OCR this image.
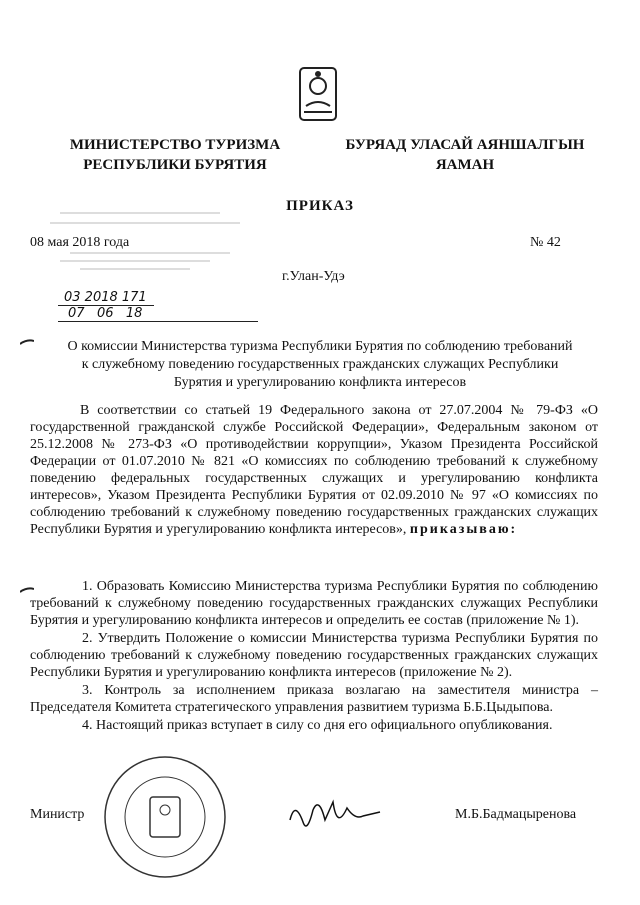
МИНИСТЕРСТВО ТУРИЗМА
РЕСПУБЛИКИ БУРЯТИЯ
БУРЯАД УЛАСАЙ АЯНШАЛГЫН
ЯАМАН
ПРИКАЗ
08 мая 2018 года	№ 42
г.Улан-Удэ
03 2018 171
07   06   18
О комиссии Министерства туризма Республики Бурятия по соблюдению требований
к служебному поведению государственных гражданских служащих Республики
Бурятия и урегулированию конфликта интересов
В соответствии со статьей 19 Федерального закона от 27.07.2004 № 79-ФЗ «О государственной гражданской службе Российской Федерации», Федеральным законом от 25.12.2008 № 273-ФЗ «О противодействии коррупции», Указом Президента Российской Федерации от 01.07.2010 № 821 «О комиссиях по соблюдению требований к служебному поведению федеральных государственных служащих и урегулированию конфликта интересов», Указом Президента Республики Бурятия от 02.09.2010 № 97 «О комиссиях по соблюдению требований к служебному поведению государственных гражданских служащих Республики Бурятия и урегулированию конфликта интересов», приказываю:

1. Образовать Комиссию Министерства туризма Республики Бурятия по соблюдению требований к служебному поведению государственных гражданских служащих Республики Бурятия и урегулированию конфликта интересов и определить ее состав (приложение № 1).

2. Утвердить Положение о комиссии Министерства туризма Республики Бурятия по соблюдению требований к служебному поведению государственных гражданских служащих Республики Бурятия и урегулированию конфликта интересов (приложение № 2).

3. Контроль за исполнением приказа возлагаю на заместителя министра – Председателя Комитета стратегического управления развитием туризма Б.Б.Цыдыпова.

4. Настоящий приказ вступает в силу со дня его официального опубликования.

Министр	М.Б.Бадмацыренова
